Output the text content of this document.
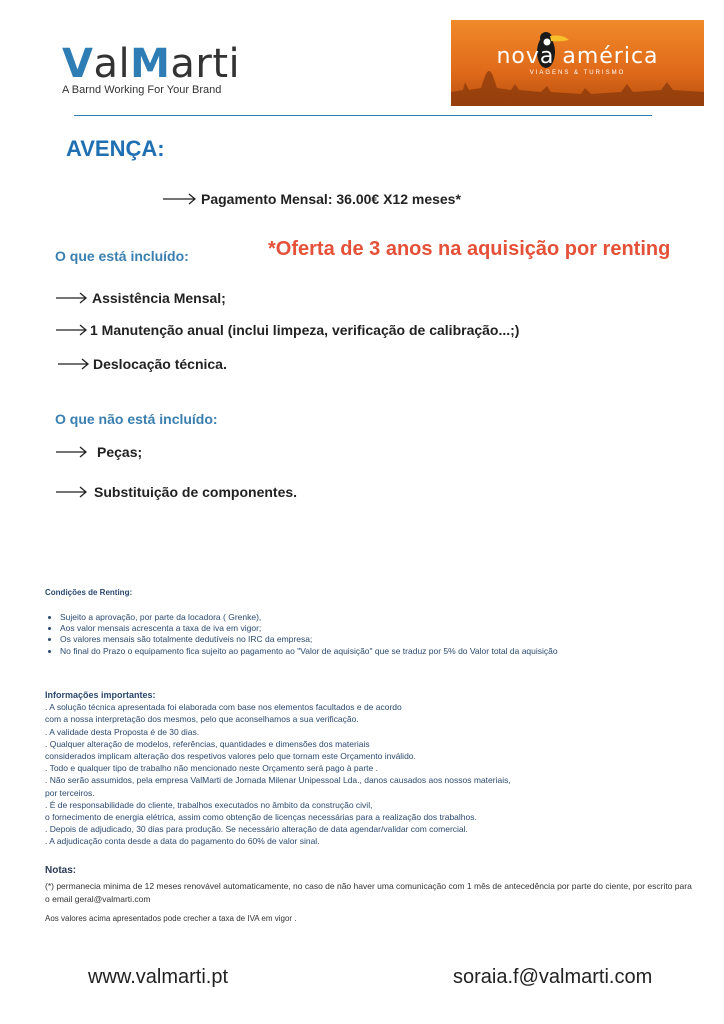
ValMarti
A Barnd Working For Your Brand
nova américa
VIAGENS & TURISMO
AVENÇA:
Pagamento Mensal: 36.00€ X12 meses*
O que está incluído:	*Oferta de 3 anos na aquisição por renting
Assistência Mensal;
1 Manutenção anual (inclui limpeza, verificação de calibração...;)
Deslocação técnica.
O que não está incluído:
Peças;
Substituição de componentes.
Condições de Renting:
• Sujeito a aprovação, por parte da locadora ( Grenke),
• Aos valor mensais acrescenta a taxa de iva em vigor;
• Os valores mensais são totalmente dedutíveis no IRC da empresa;
• No final do Prazo o equipamento fica sujeito ao pagamento ao "Valor de aquisição" que se traduz por 5% do Valor total da aquisição
Informações importantes:
. A solução técnica apresentada foi elaborada com base nos elementos facultados e de acordo
com a nossa interpretação dos mesmos, pelo que aconselhamos a sua verificação.
. A validade desta Proposta é de 30 dias.
. Qualquer alteração de modelos, referências, quantidades e dimensões dos materiais
considerados implicam alteração dos respetivos valores pelo que tornam este Orçamento inválido.
. Todo e qualquer tipo de trabalho não mencionado neste Orçamento será pago à parte .
. Não serão assumidos, pela empresa ValMarti de Jornada Milenar Unipessoal Lda., danos causados aos nossos materiais,
por terceiros.
. É de responsabilidade do cliente, trabalhos executados no âmbito da construção civil,
o fornecimento de energia elétrica, assim como obtenção de licenças necessárias para a realização dos trabalhos.
. Depois de adjudicado, 30 dias para produção. Se necessário alteração de data agendar/validar com comercial.
. A adjudicação conta desde a data do pagamento do 60% de valor sinal.
Notas:
(*) permanecia minima de 12 meses renovável automaticamente, no caso de não haver uma comunicação com 1 mês de antecedência por parte do ciente, por escrito para o email geral@valmarti.com
Aos valores acima apresentados pode crecher a taxa de IVA em vigor .
www.valmarti.pt	soraia.f@valmarti.com
